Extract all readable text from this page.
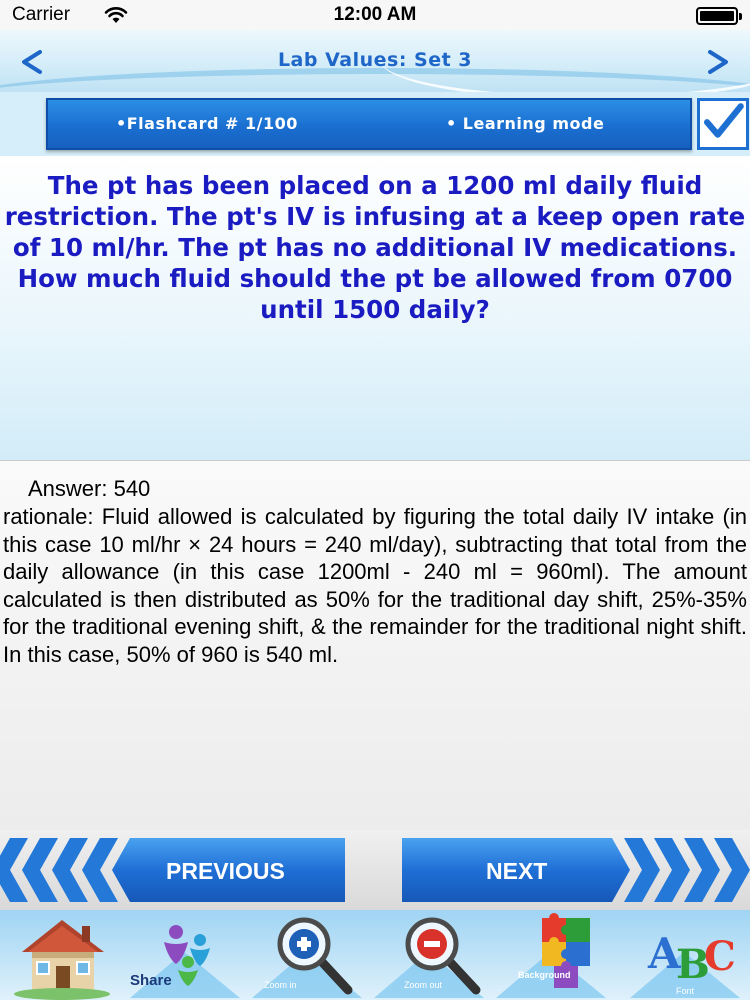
Carrier	12:00 AM
Lab Values: Set 3
•Flashcard # 1/100	• Learning mode
The pt has been placed on a 1200 ml daily fluid restriction. The pt's IV is infusing at a keep open rate of 10 ml/hr. The pt has no additional IV medications. How much fluid should the pt be allowed from 0700 until 1500 daily?
Answer: 540
rationale: Fluid allowed is calculated by figuring the total daily IV intake (in this case 10 ml/hr × 24 hours = 240 ml/day), subtracting that total from the daily allowance (in this case 1200ml - 240 ml = 960ml). The amount calculated is then distributed as 50% for the traditional day shift, 25%-35% for the traditional evening shift, & the remainder for the traditional night shift. In this case, 50% of 960 is 540 ml.
PREVIOUS	NEXT
Share	Zoom in	Zoom out
Background A
B
C
Font
